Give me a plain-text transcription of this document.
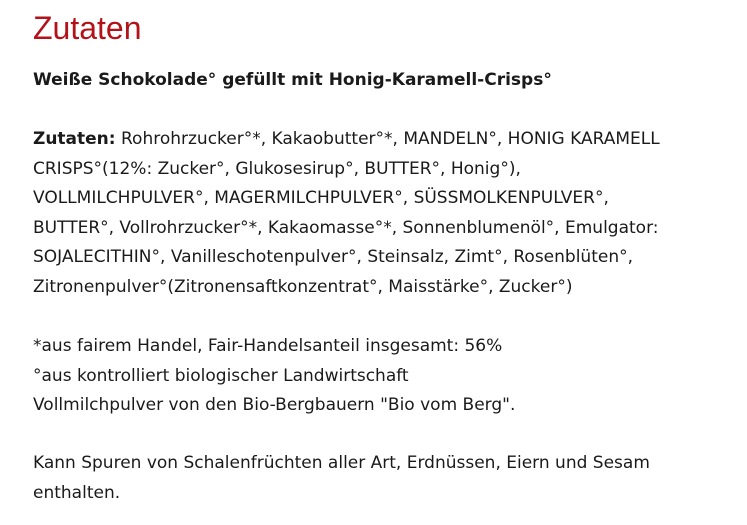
Zutaten

Weiße Schokolade° gefüllt mit Honig-Karamell-Crisps°

Zutaten: Rohrohrzucker°*, Kakaobutter°*, MANDELN°, HONIG KARAMELL
CRISPS°(12%: Zucker°, Glukosesirup°, BUTTER°, Honig°),
VOLLMILCHPULVER°, MAGERMILCHPULVER°, SÜSSMOLKENPULVER°,
BUTTER°, Vollrohrzucker°*, Kakaomasse°*, Sonnenblumenöl°, Emulgator:
SOJALECITHIN°, Vanilleschotenpulver°, Steinsalz, Zimt°, Rosenblüten°,
Zitronenpulver°(Zitronensaftkonzentrat°, Maisstärke°, Zucker°)

*aus fairem Handel, Fair-Handelsanteil insgesamt: 56%
°aus kontrolliert biologischer Landwirtschaft
Vollmilchpulver von den Bio-Bergbauern "Bio vom Berg".

Kann Spuren von Schalenfrüchten aller Art, Erdnüssen, Eiern und Sesam
enthalten.
